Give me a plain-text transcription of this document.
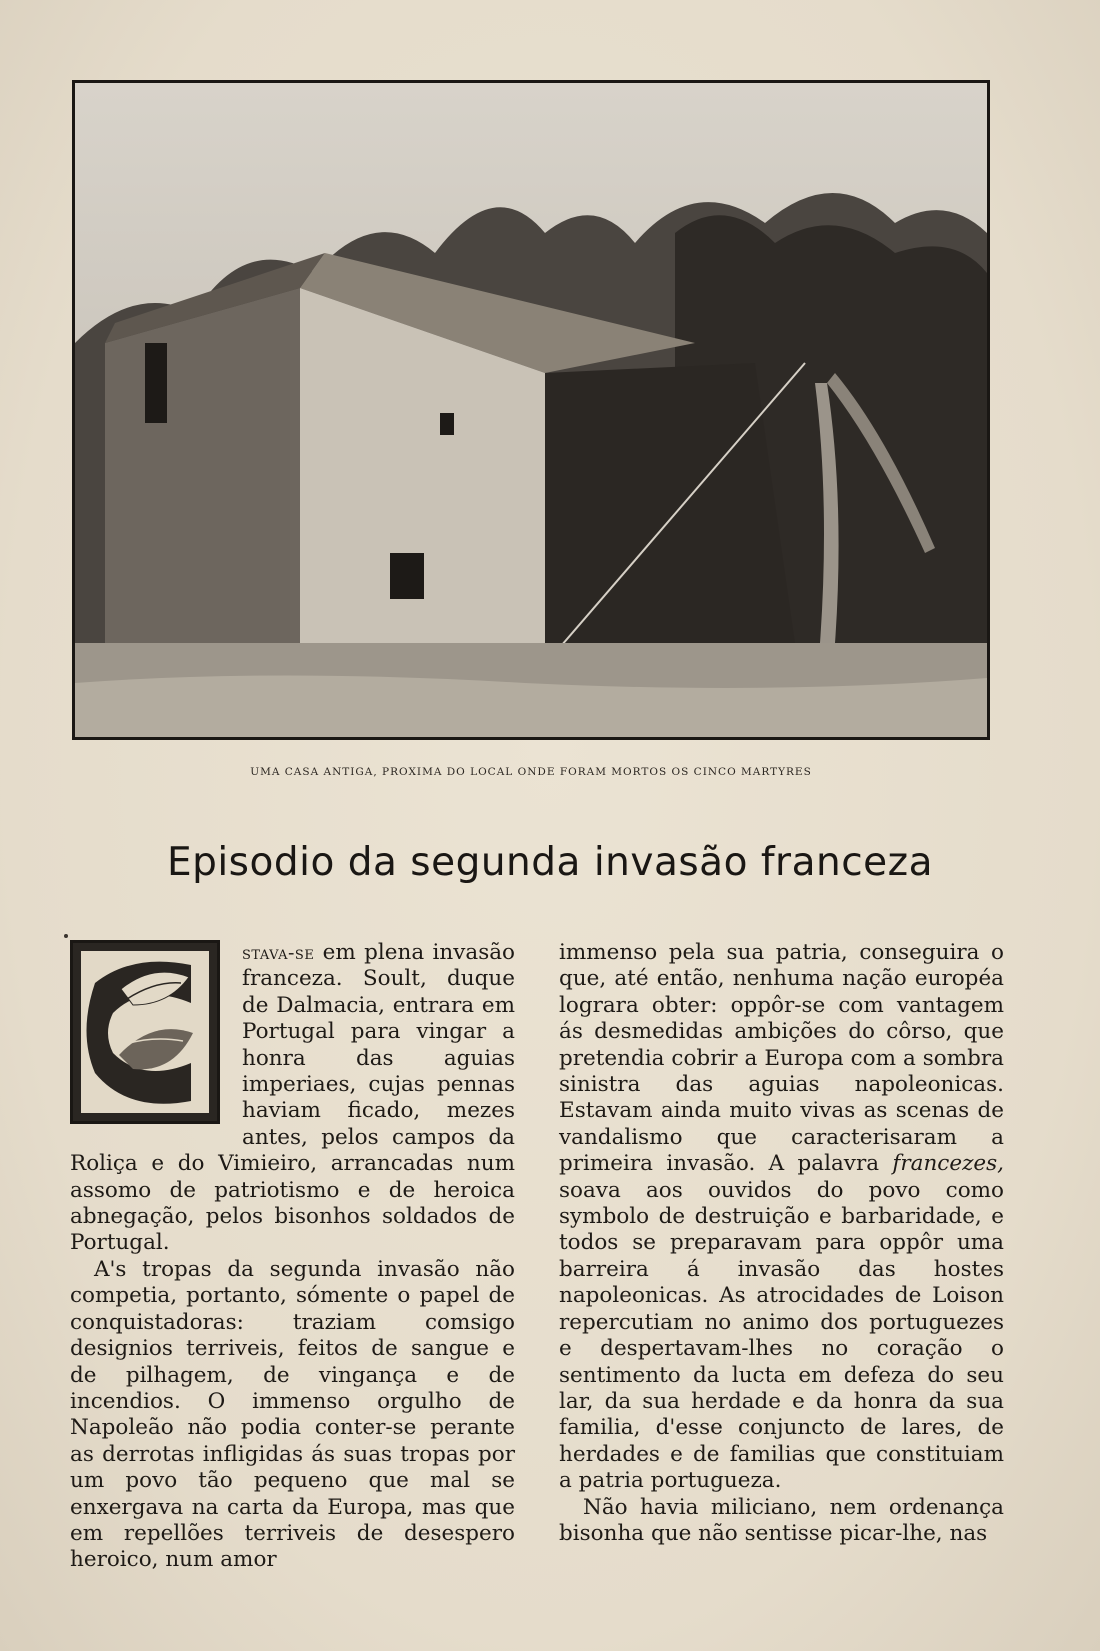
UMA CASA ANTIGA, PROXIMA DO LOCAL ONDE FORAM MORTOS OS CINCO MARTYRES
Episodio da segunda invasão franceza

stava-se em plena invasão franceza. Soult, duque de Dalmacia, entrara em Portugal para vingar a honra das aguias imperiaes, cujas pennas haviam ficado, mezes antes, pelos campos da Roliça e do Vimieiro, arrancadas num assomo de patriotismo e de heroica abnegação, pelos bisonhos soldados de Portugal.

A's tropas da segunda invasão não competia, portanto, sómente o papel de conquistadoras: traziam comsigo designios terriveis, feitos de sangue e de pilhagem, de vingança e de incendios. O immenso orgulho de Napoleão não podia conter-se perante as derrotas infligidas ás suas tropas por um povo tão pequeno que mal se enxergava na carta da Europa, mas que em repellões terriveis de desespero heroico, num amor

immenso pela sua patria, conseguira o que, até então, nenhuma nação européa lograra obter: oppôr-se com vantagem ás desmedidas ambições do côrso, que pretendia cobrir a Europa com a sombra sinistra das aguias napoleonicas. Estavam ainda muito vivas as scenas de vandalismo que caracterisaram a primeira invasão. A palavra francezes, soava aos ouvidos do povo como symbolo de destruição e barbaridade, e todos se preparavam para oppôr uma barreira á invasão das hostes napoleonicas. As atrocidades de Loison repercutiam no animo dos portuguezes e despertavam-lhes no coração o sentimento da lucta em defeza do seu lar, da sua herdade e da honra da sua familia, d'esse conjuncto de lares, de herdades e de familias que constituiam a patria portugueza.

Não havia miliciano, nem ordenança bisonha que não sentisse picar-lhe, nas
